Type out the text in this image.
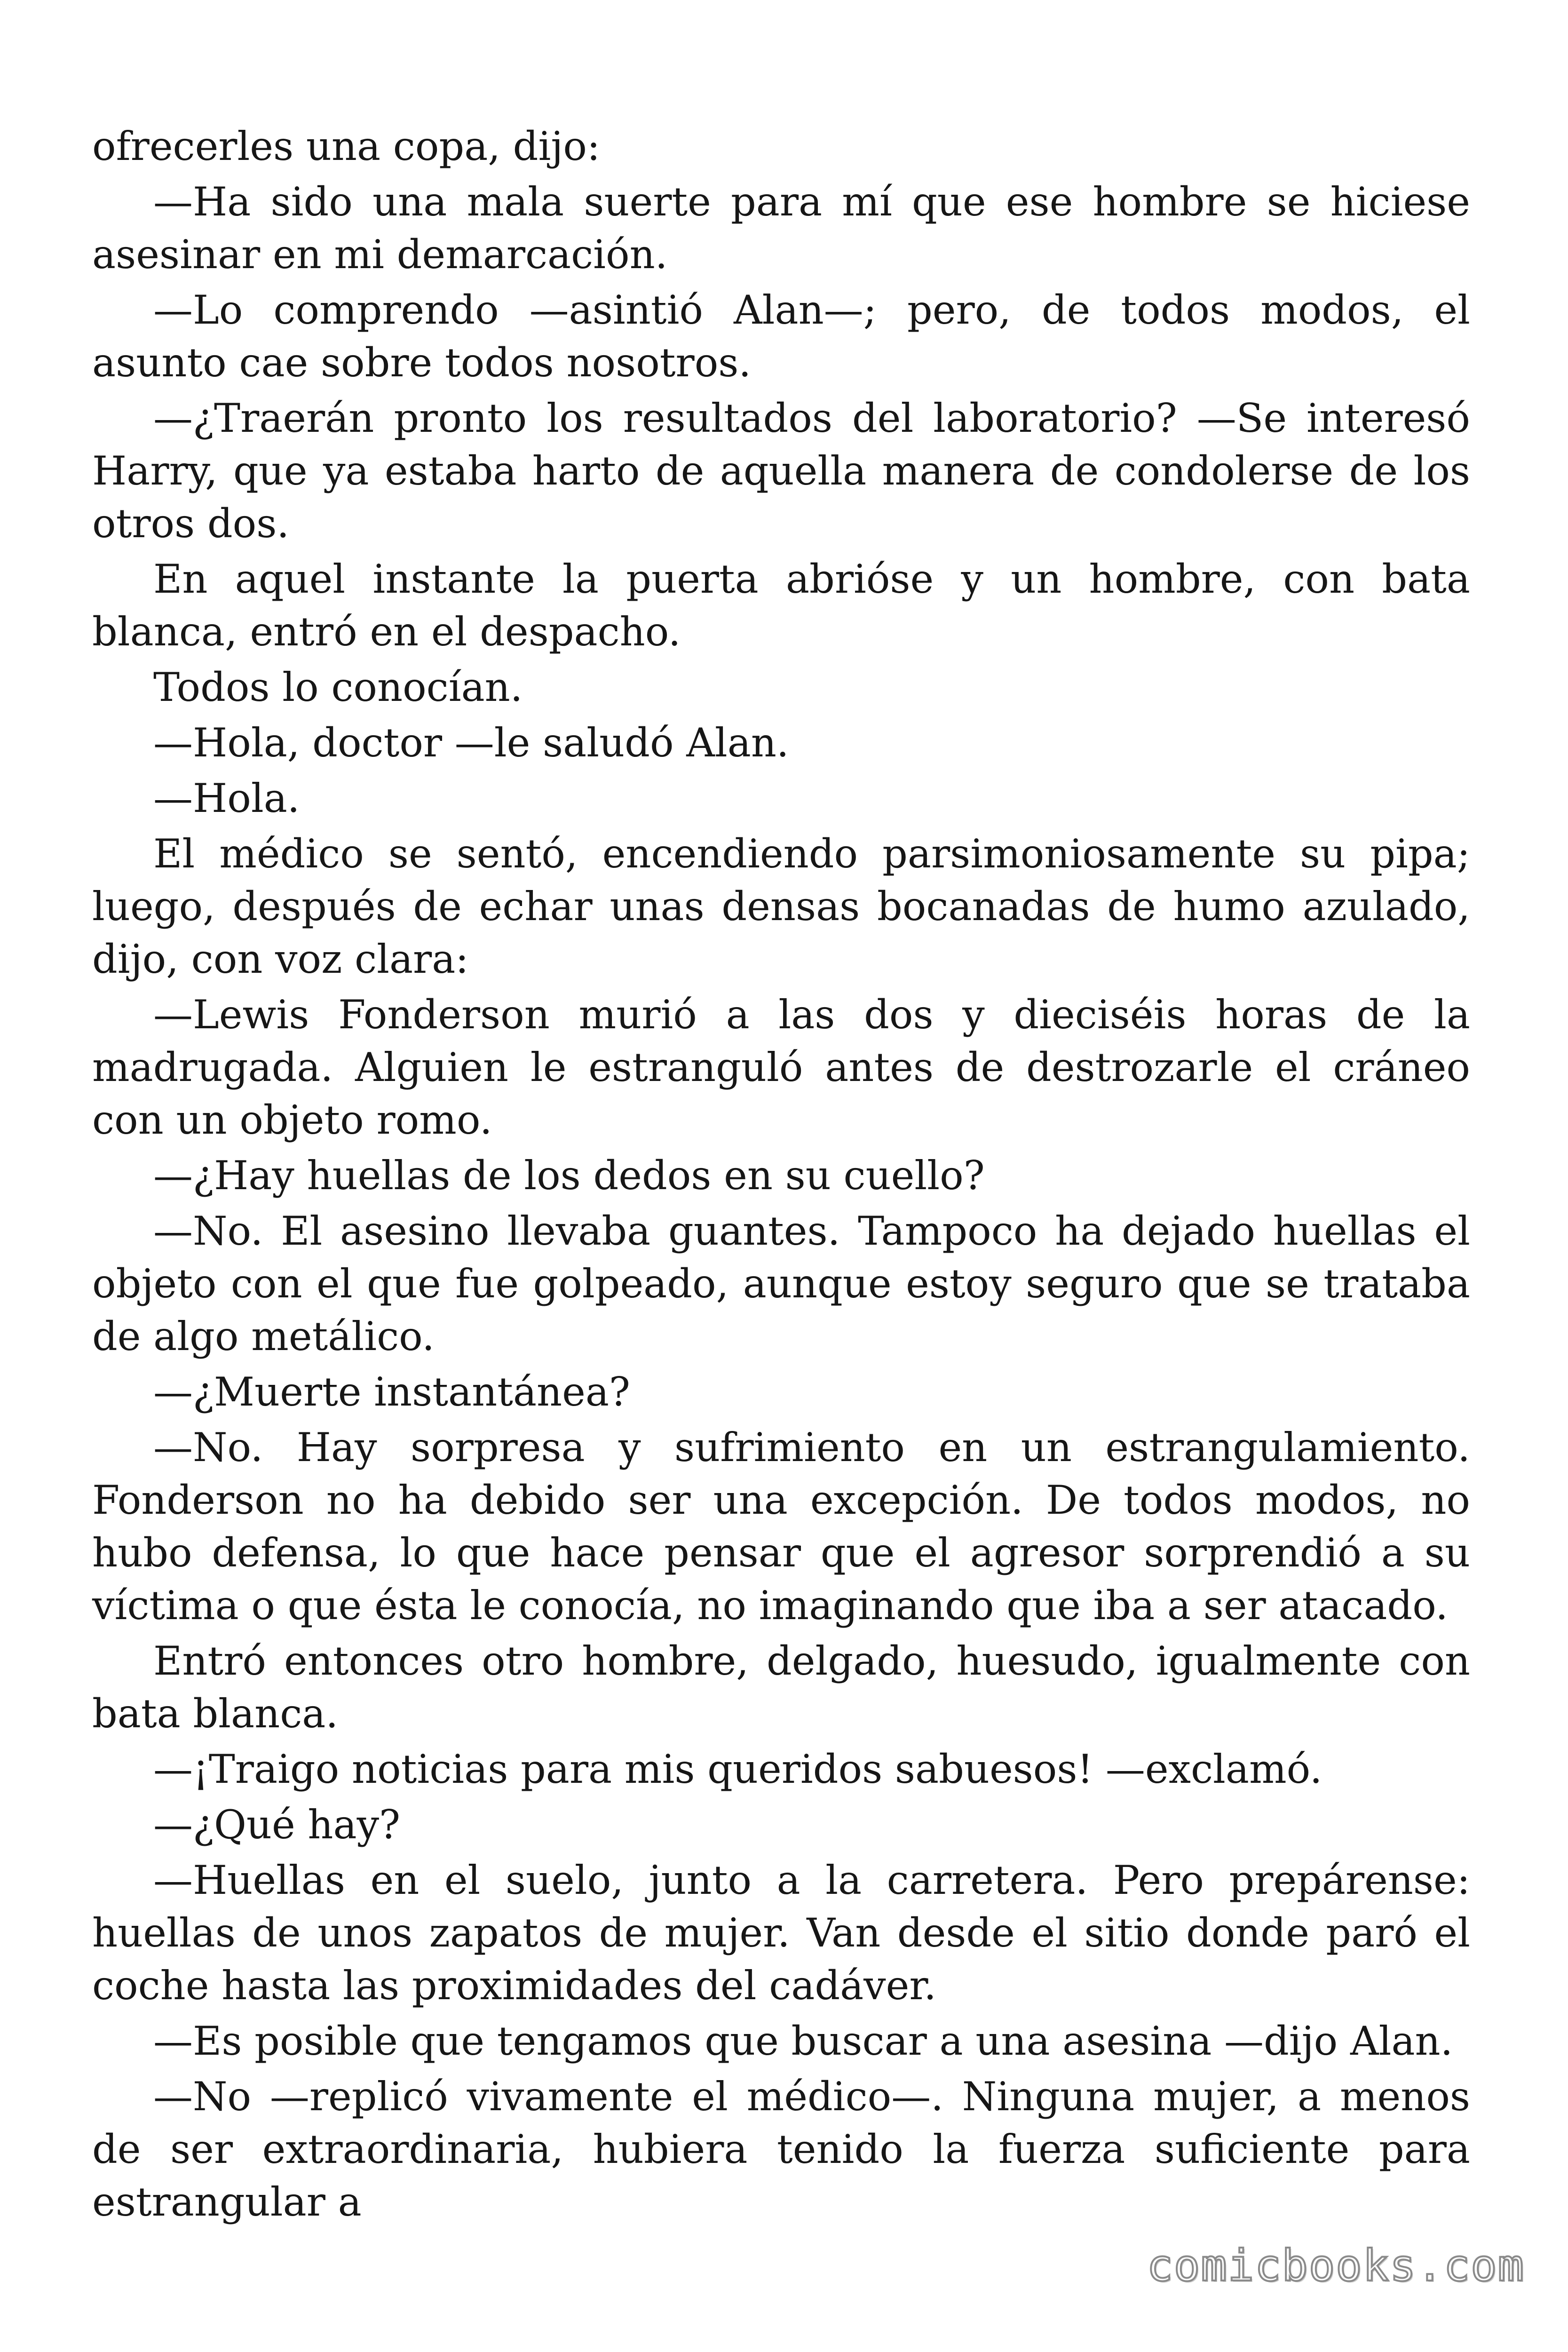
ofrecerles una copa, dijo:

—Ha sido una mala suerte para mí que ese hombre se hiciese asesinar en mi demarcación.

—Lo comprendo —asintió Alan—; pero, de todos modos, el asunto cae sobre todos nosotros.

—¿Traerán pronto los resultados del laboratorio? —Se interesó Harry, que ya estaba harto de aquella manera de condolerse de los otros dos.

En aquel instante la puerta abrióse y un hombre, con bata blanca, entró en el despacho.

Todos lo conocían.

—Hola, doctor —le saludó Alan.

—Hola.

El médico se sentó, encendiendo parsimoniosamente su pipa; luego, después de echar unas densas bocanadas de humo azulado, dijo, con voz clara:

—Lewis Fonderson murió a las dos y dieciséis horas de la madrugada. Alguien le estranguló antes de destrozarle el cráneo con un objeto romo.

—¿Hay huellas de los dedos en su cuello?

—No. El asesino llevaba guantes. Tampoco ha dejado huellas el objeto con el que fue golpeado, aunque estoy seguro que se trataba de algo metálico.

—¿Muerte instantánea?

—No. Hay sorpresa y sufrimiento en un estrangulamiento. Fonderson no ha debido ser una excepción. De todos modos, no hubo defensa, lo que hace pensar que el agresor sorprendió a su víctima o que ésta le conocía, no imaginando que iba a ser atacado.

Entró entonces otro hombre, delgado, huesudo, igualmente con bata blanca.

—¡Traigo noticias para mis queridos sabuesos! —exclamó.

—¿Qué hay?

—Huellas en el suelo, junto a la carretera. Pero prepárense: huellas de unos zapatos de mujer. Van desde el sitio donde paró el coche hasta las proximidades del cadáver.

—Es posible que tengamos que buscar a una asesina —dijo Alan.

—No —replicó vivamente el médico—. Ninguna mujer, a menos de ser extraordinaria, hubiera tenido la fuerza suficiente para estrangular a

comicbooks.com
